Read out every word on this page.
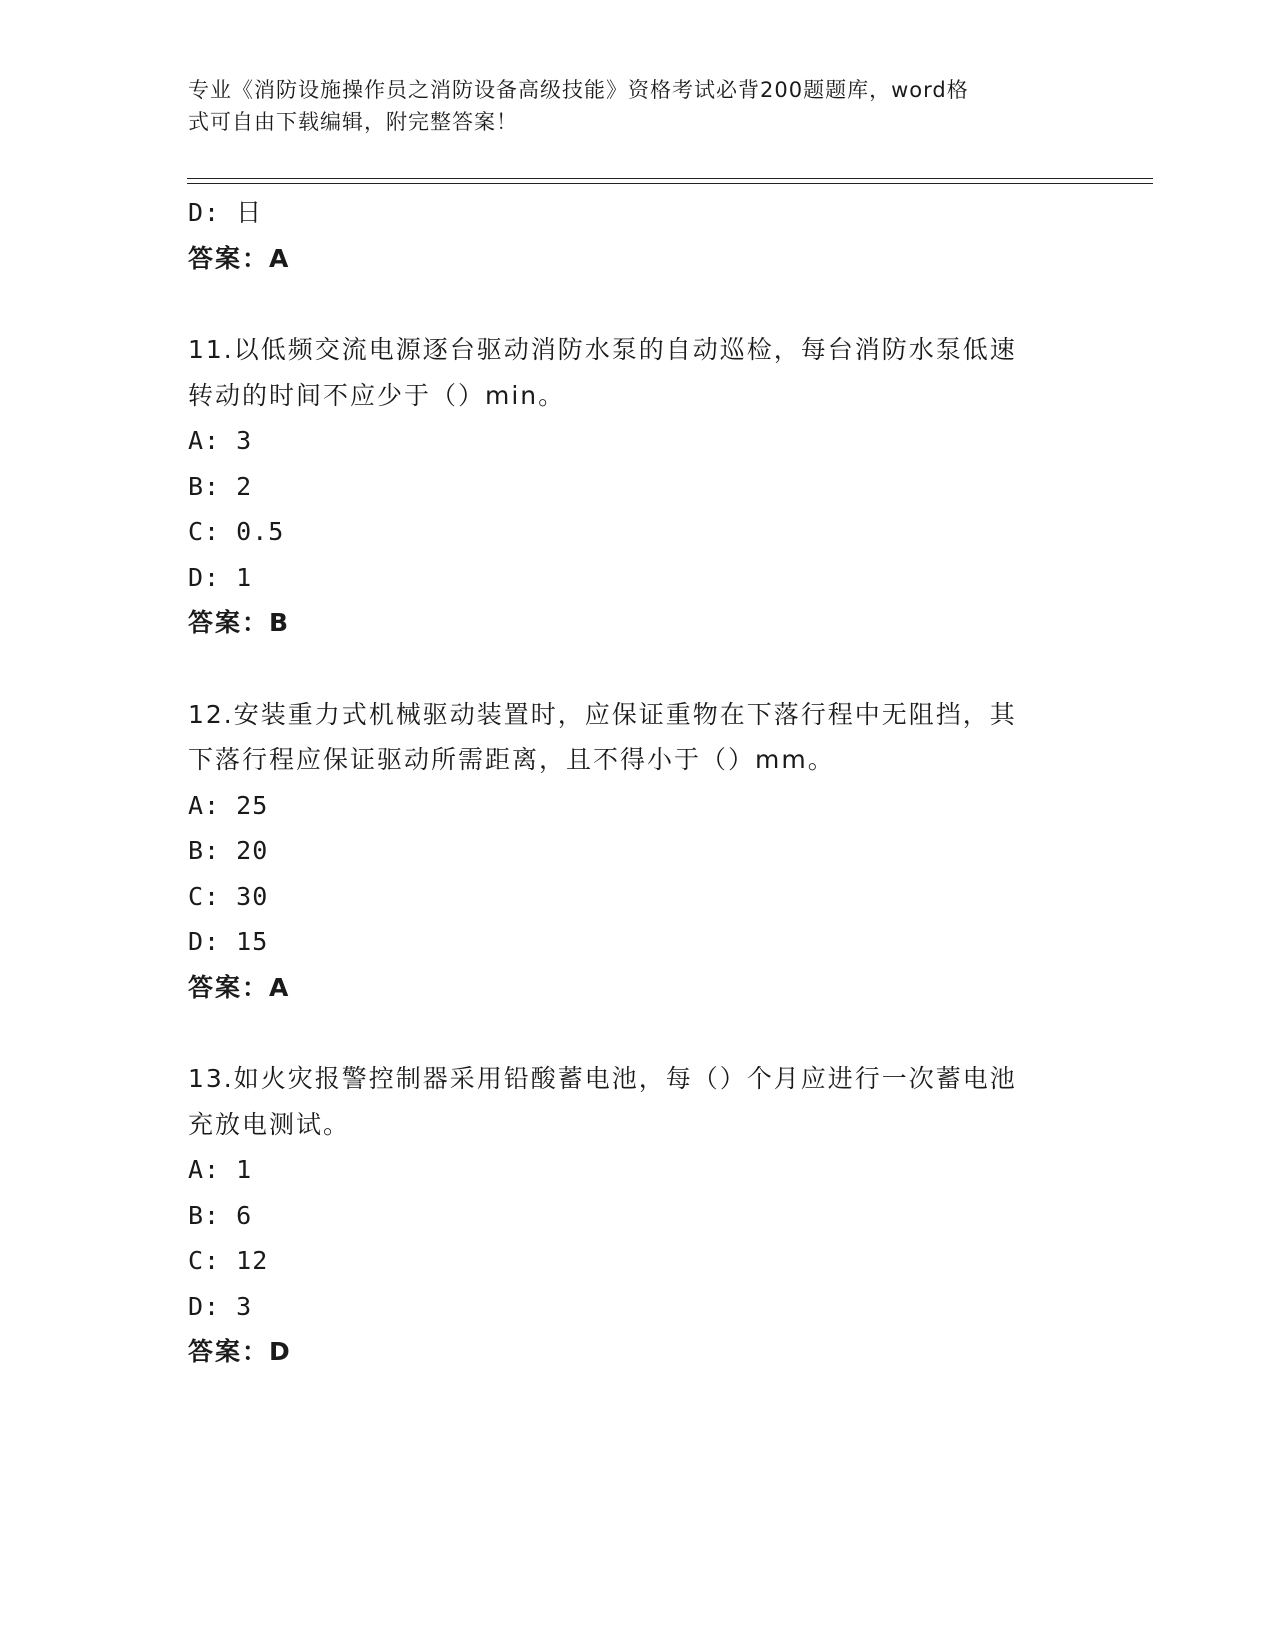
专业《消防设施操作员之消防设备高级技能》资格考试必背200题题库，word格
式可自由下载编辑，附完整答案！
D: 日
答案：A
11.以低频交流电源逐台驱动消防水泵的自动巡检，每台消防水泵低速
转动的时间不应少于（）min。
A: 3
B: 2
C: 0.5
D: 1
答案：B
12.安装重力式机械驱动装置时，应保证重物在下落行程中无阻挡，其
下落行程应保证驱动所需距离，且不得小于（）mm。
A: 25
B: 20
C: 30
D: 15
答案：A
13.如火灾报警控制器采用铅酸蓄电池，每（）个月应进行一次蓄电池
充放电测试。
A: 1
B: 6
C: 12
D: 3
答案：D
